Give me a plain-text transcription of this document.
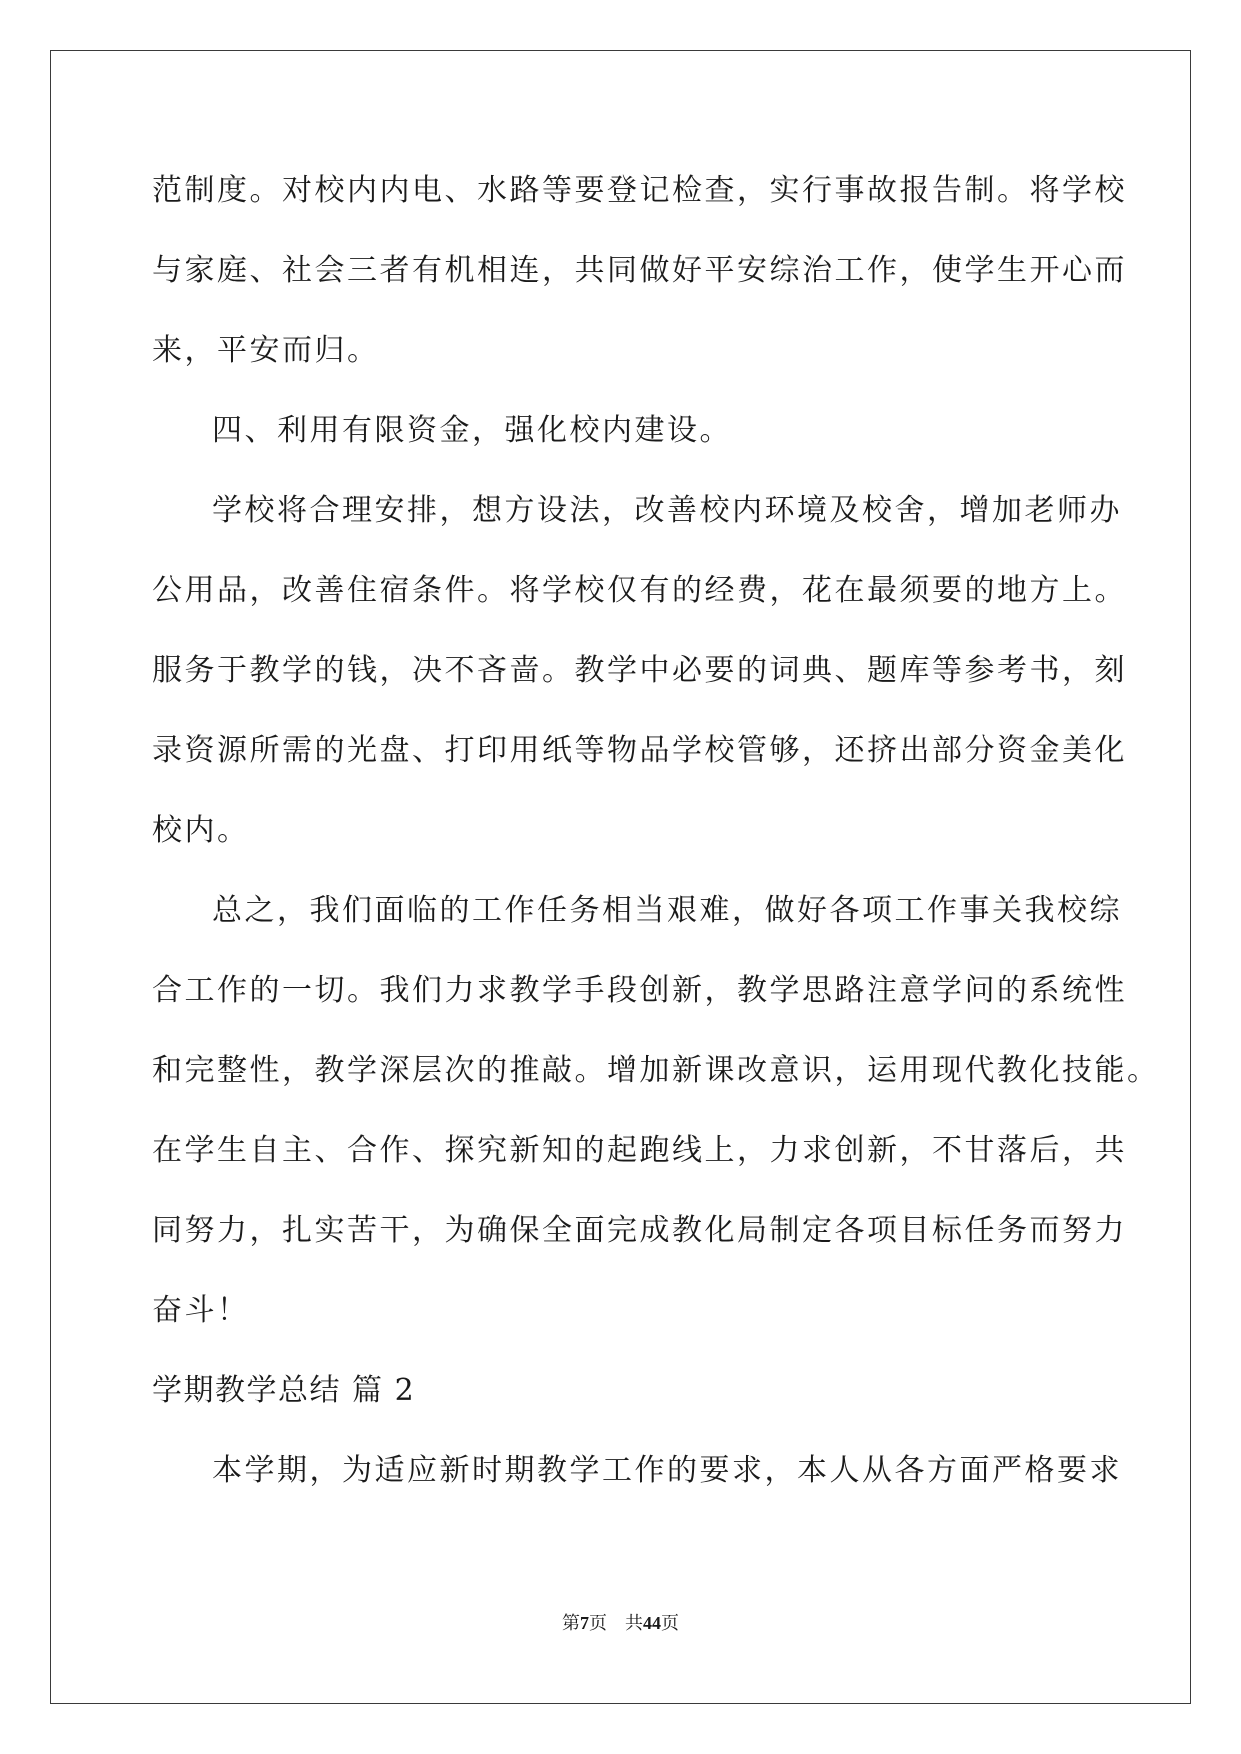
范制度。对校内内电、水路等要登记检查，实行事故报告制。将学校

与家庭、社会三者有机相连，共同做好平安综治工作，使学生开心而

来，平安而归。

四、利用有限资金，强化校内建设。

学校将合理安排，想方设法，改善校内环境及校舍，增加老师办

公用品，改善住宿条件。将学校仅有的经费，花在最须要的地方上。

服务于教学的钱，决不吝啬。教学中必要的词典、题库等参考书，刻

录资源所需的光盘、打印用纸等物品学校管够，还挤出部分资金美化

校内。

总之，我们面临的工作任务相当艰难，做好各项工作事关我校综

合工作的一切。我们力求教学手段创新，教学思路注意学问的系统性

和完整性，教学深层次的推敲。增加新课改意识，运用现代教化技能。

在学生自主、合作、探究新知的起跑线上，力求创新，不甘落后，共

同努力，扎实苦干，为确保全面完成教化局制定各项目标任务而努力

奋斗！

学期教学总结 篇 2

本学期，为适应新时期教学工作的要求，本人从各方面严格要求

第7页 共44页
